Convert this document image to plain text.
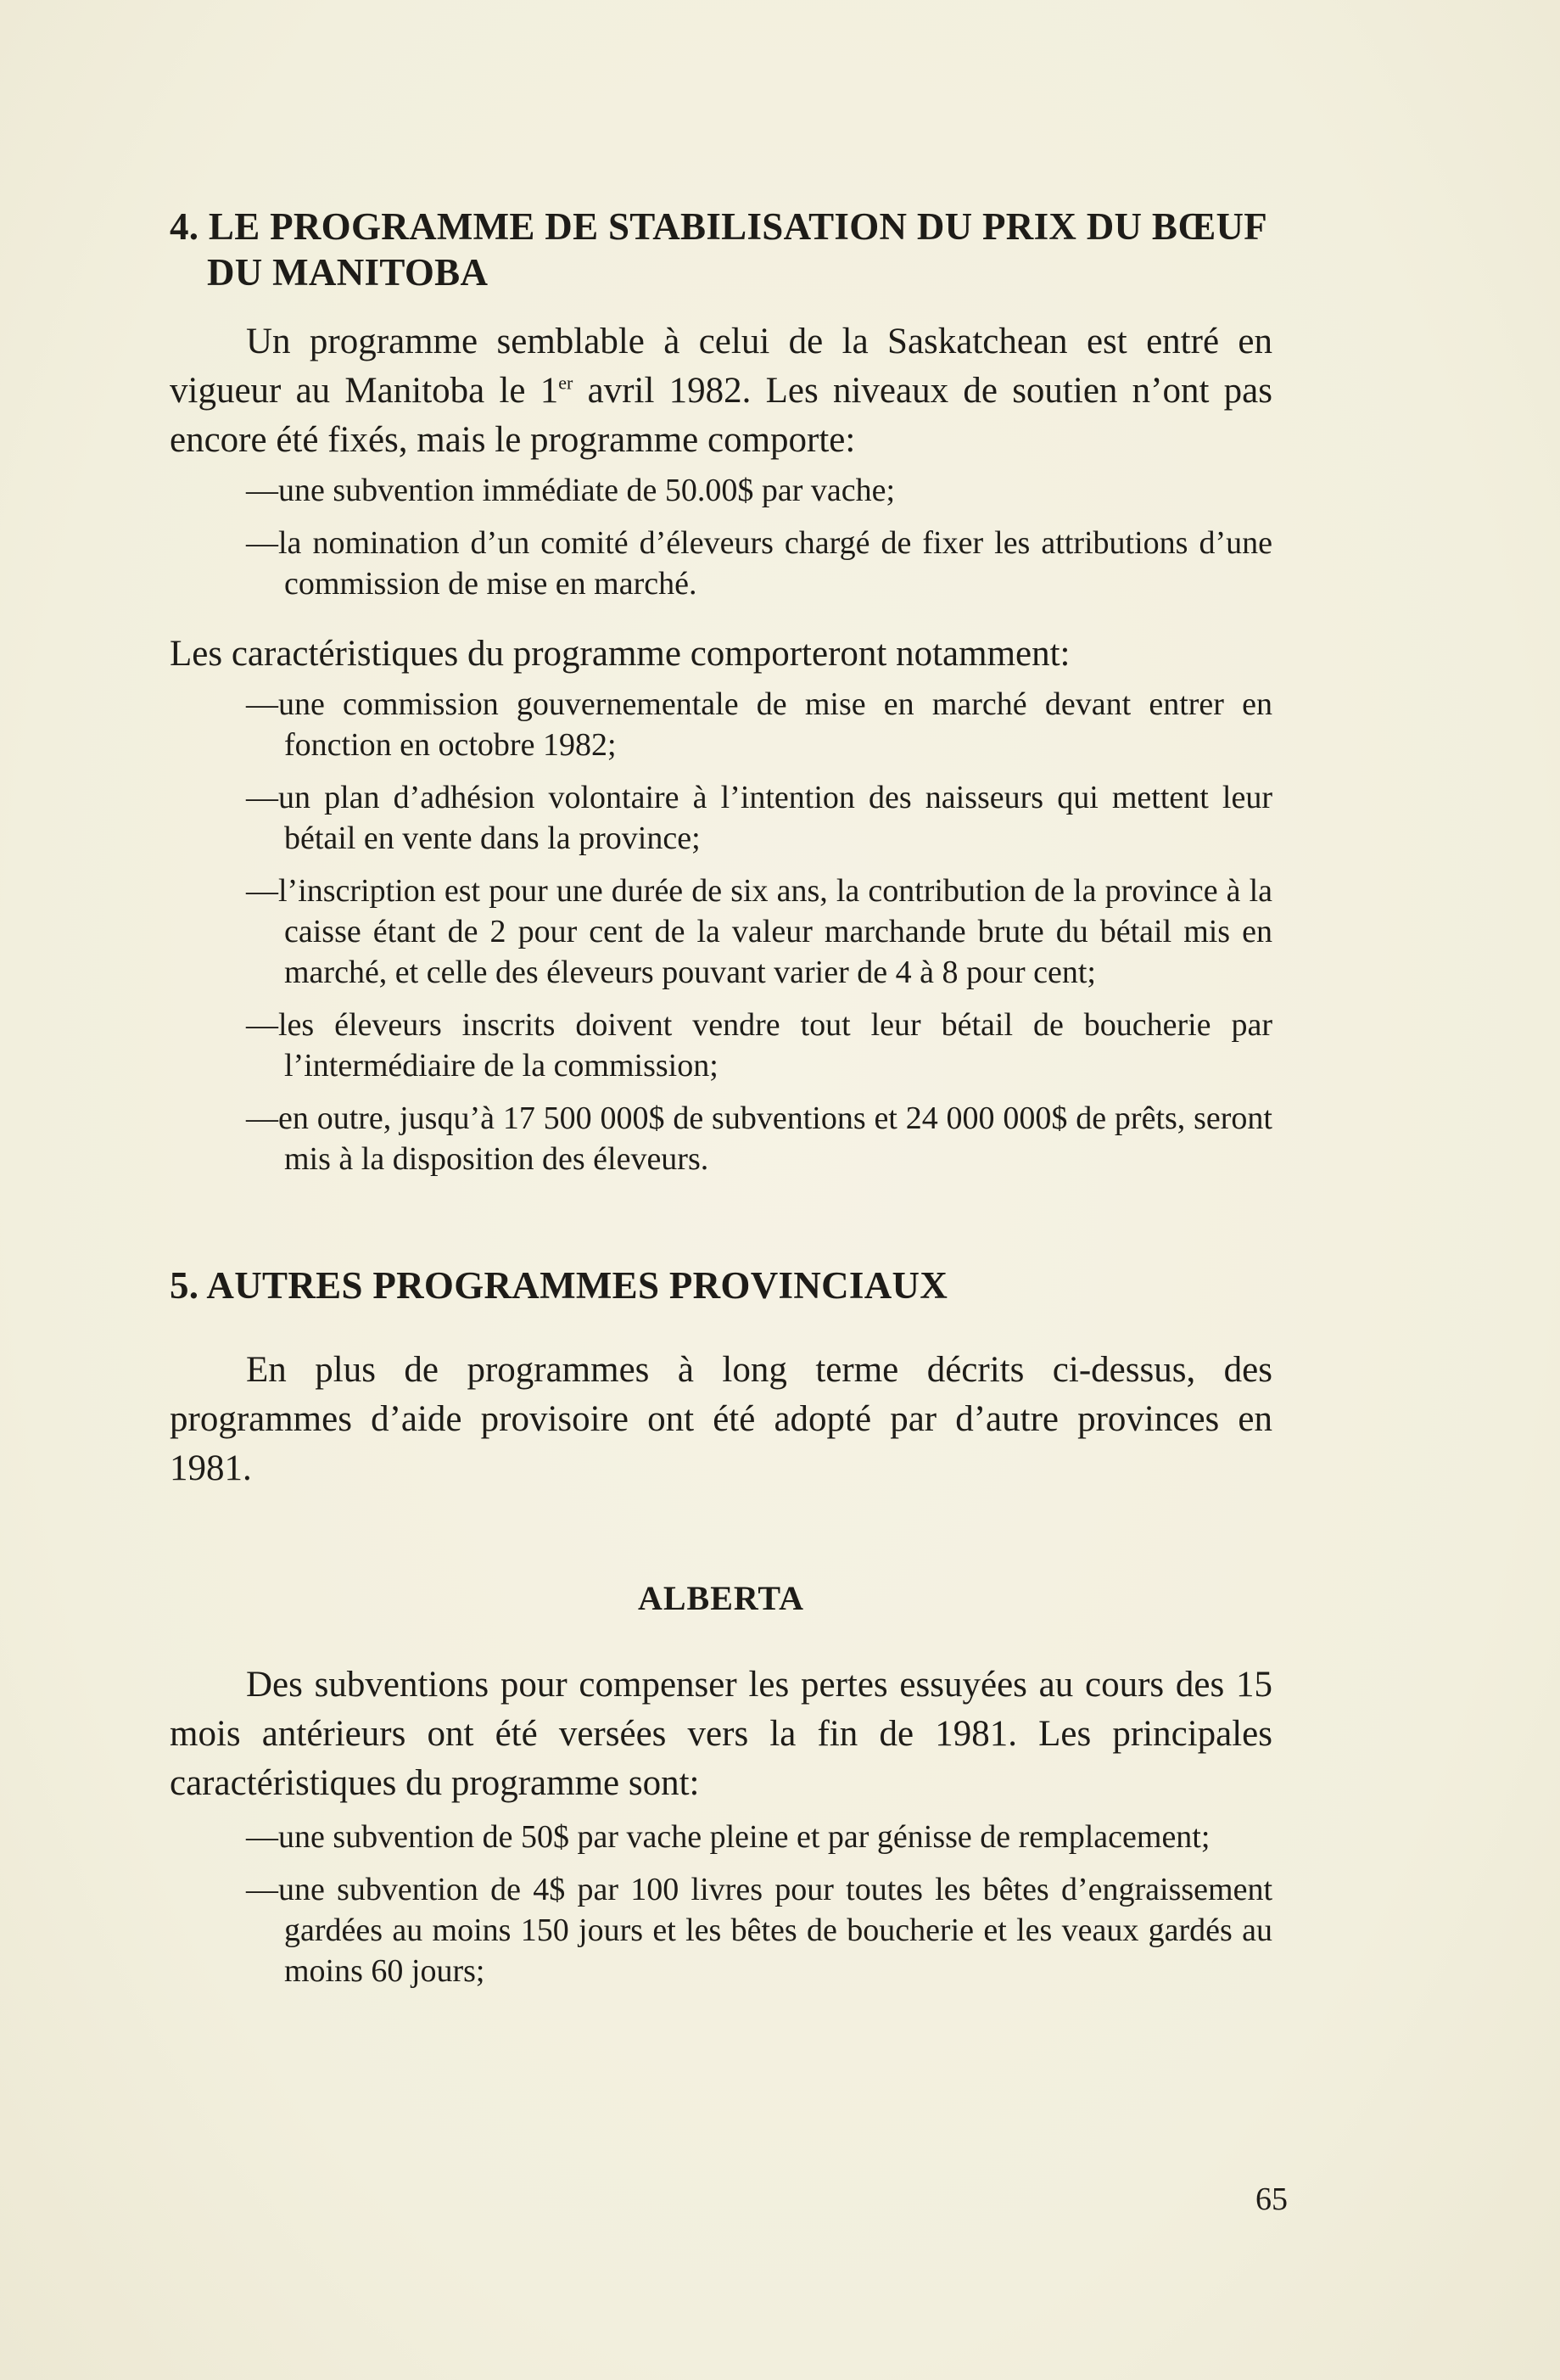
4. LE PROGRAMME DE STABILISATION DU PRIX DU BŒUF DU MANITOBA

Un programme semblable à celui de la Saskatchean est entré en vigueur au Manitoba le 1er avril 1982. Les niveaux de soutien n’ont pas encore été fixés, mais le programme comporte:

— une subvention immédiate de 50.00$ par vache;
— la nomination d’un comité d’éleveurs chargé de fixer les attributions d’une commission de mise en marché.

Les caractéristiques du programme comporteront notamment:

— une commission gouvernementale de mise en marché devant entrer en fonction en octobre 1982;
— un plan d’adhésion volontaire à l’intention des naisseurs qui mettent leur bétail en vente dans la province;
— l’inscription est pour une durée de six ans, la contribution de la province à la caisse étant de 2 pour cent de la valeur marchande brute du bétail mis en marché, et celle des éleveurs pouvant varier de 4 à 8 pour cent;
— les éleveurs inscrits doivent vendre tout leur bétail de boucherie par l’intermédiaire de la commission;
— en outre, jusqu’à 17 500 000$ de subventions et 24 000 000$ de prêts, seront mis à la disposition des éleveurs.
5. AUTRES PROGRAMMES PROVINCIAUX

En plus de programmes à long terme décrits ci-dessus, des programmes d’aide provisoire ont été adopté par d’autre provinces en 1981.

ALBERTA

Des subventions pour compenser les pertes essuyées au cours des 15 mois antérieurs ont été versées vers la fin de 1981. Les principales caractéristiques du programme sont:

— une subvention de 50$ par vache pleine et par génisse de remplacement;
— une subvention de 4$ par 100 livres pour toutes les bêtes d’engraissement gardées au moins 150 jours et les bêtes de boucherie et les veaux gardés au moins 60 jours;
65
